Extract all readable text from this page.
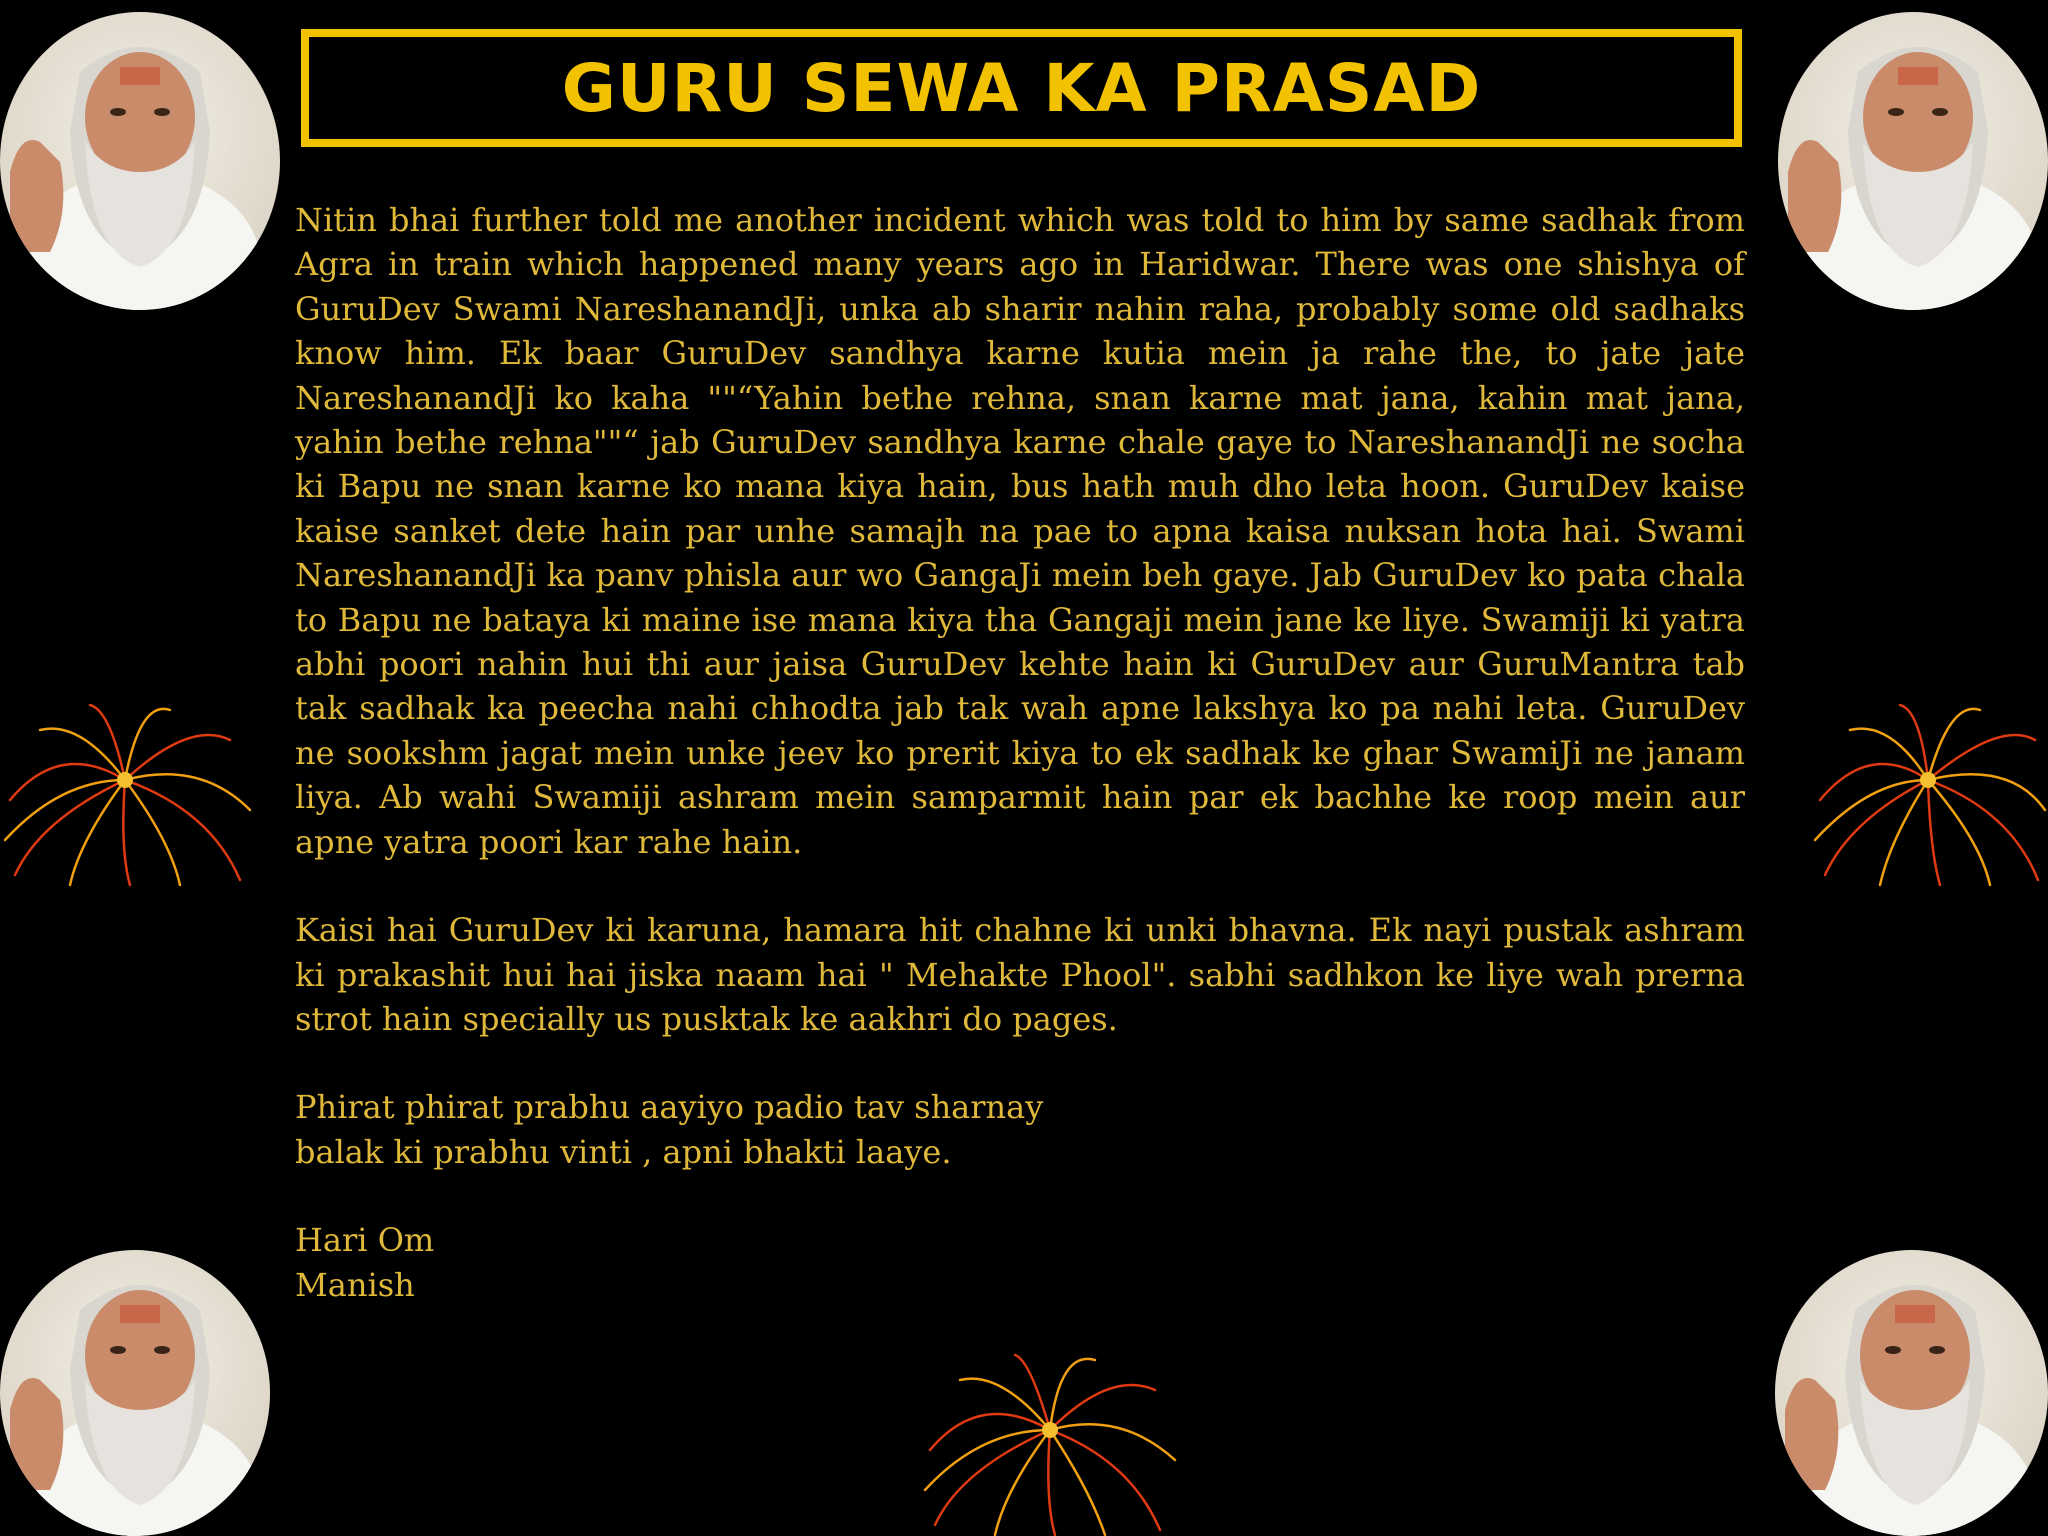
GURU SEWA KA PRASAD

Nitin bhai further told me another incident which was told to him by same sadhak from Agra in train which happened many years ago in Haridwar. There was one shishya of GuruDev Swami NareshanandJi, unka ab sharir nahin raha, probably some old sadhaks know him. Ek baar GuruDev sandhya karne kutia mein ja rahe the, to jate jate NareshanandJi ko kaha ""“Yahin bethe rehna, snan karne mat jana, kahin mat jana, yahin bethe rehna""“ jab GuruDev sandhya karne chale gaye to NareshanandJi ne socha ki Bapu ne snan karne ko mana kiya hain, bus hath muh dho leta hoon. GuruDev kaise kaise sanket dete hain par unhe samajh na pae to apna kaisa nuksan hota hai. Swami NareshanandJi ka panv phisla aur wo GangaJi mein beh gaye. Jab GuruDev ko pata chala to Bapu ne bataya ki maine ise mana kiya tha Gangaji mein jane ke liye. Swamiji ki yatra abhi poori nahin hui thi aur jaisa GuruDev kehte hain ki GuruDev aur GuruMantra tab tak sadhak ka peecha nahi chhodta jab tak wah apne lakshya ko pa nahi leta. GuruDev ne sookshm jagat mein unke jeev ko prerit kiya to ek sadhak ke ghar SwamiJi ne janam liya. Ab wahi Swamiji ashram mein samparmit hain par ek bachhe ke roop mein aur apne yatra poori kar rahe hain.

Kaisi hai GuruDev ki karuna, hamara hit chahne ki unki bhavna. Ek nayi pustak ashram ki prakashit hui hai jiska naam hai " Mehakte Phool". sabhi sadhkon ke liye wah prerna strot hain specially us pusktak ke aakhri do pages.

Phirat phirat prabhu aayiyo padio tav sharnay
balak ki prabhu vinti , apni bhakti laaye.
Hari Om
Manish
